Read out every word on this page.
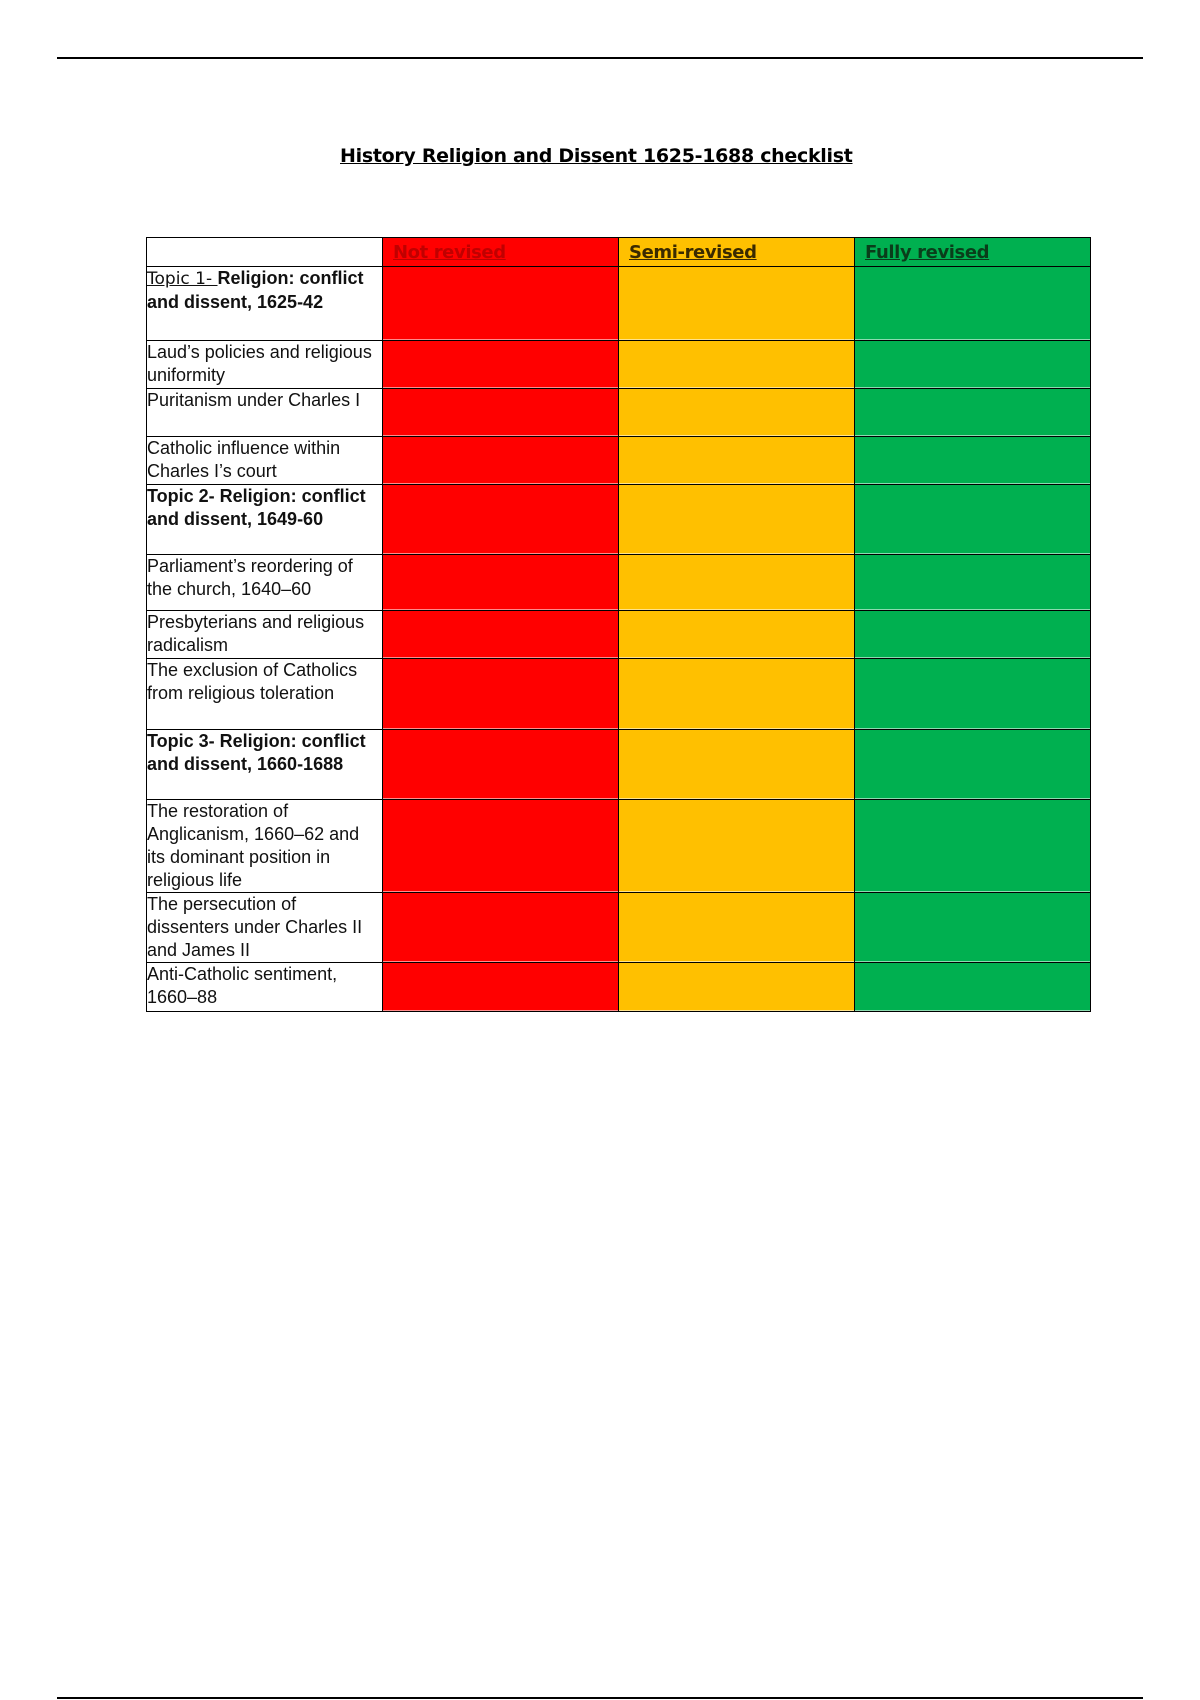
History Religion and Dissent 1625-1688 checklist
	Not revised	Semi-revised	Fully revised
Topic 1- Religion: conflict and dissent, 1625-42			
Laud’s policies and religious uniformity			
Puritanism under Charles I			
Catholic influence within Charles I’s court			
Topic 2- Religion: conflict and dissent, 1649-60			
Parliament’s reordering of the church, 1640–60			
Presbyterians and religious radicalism			
The exclusion of Catholics from religious toleration			
Topic 3- Religion: conflict and dissent, 1660-1688			
The restoration of Anglicanism, 1660–62 and its dominant position in religious life			
The persecution of dissenters under Charles II and James II			
Anti-Catholic sentiment, 1660–88			
